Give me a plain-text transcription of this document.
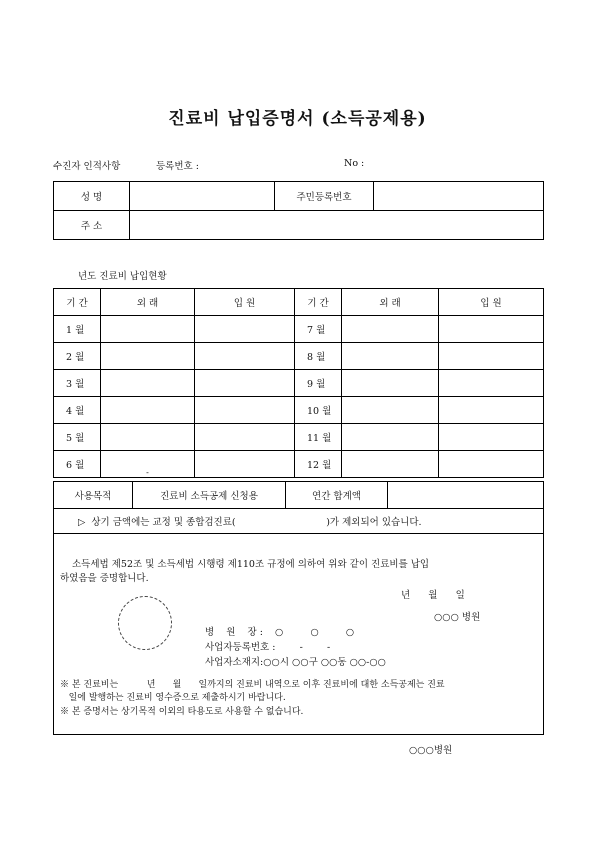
진료비 납입증명서 (소득공제용)
수진자 인적사항	등록번호 :	No :
성 명		주민등록번호	
주 소			
년도 진료비 납입현황
기 간	외 래	입 원	기 간	외 래	입 원
1 월			7 월		
2 월			8 월		
3 월			9 월		
4 월			10 월		
5 월			11 월		
6 월	-		12 월		
사용목적	진료비 소득공제 신청용	연간 합계액	
▷  상기 금액에는 교정 및 종합검진료(                              )가 제외되어 있습니다.
소득세법 제52조 및 소득세법 시행령 제110조 규정에 의하여 위와 같이 진료비를 납입
하였음을 증명합니다.
년      월      일
○○○ 병원
병    원    장 :    ○         ○         ○
사업자등록번호 :        -        -
사업자소재지:○○시 ○○구 ○○동 ○○-○○
※ 본 진료비는          년      월      일까지의 진료비 내역으로 이후 진료비에 대한 소득공제는 진료
일에 발행하는 진료비 영수증으로 제출하시기 바랍니다.
※ 본 증명서는 상기목적 이외의 타용도로 사용할 수 없습니다.
○○○병원
